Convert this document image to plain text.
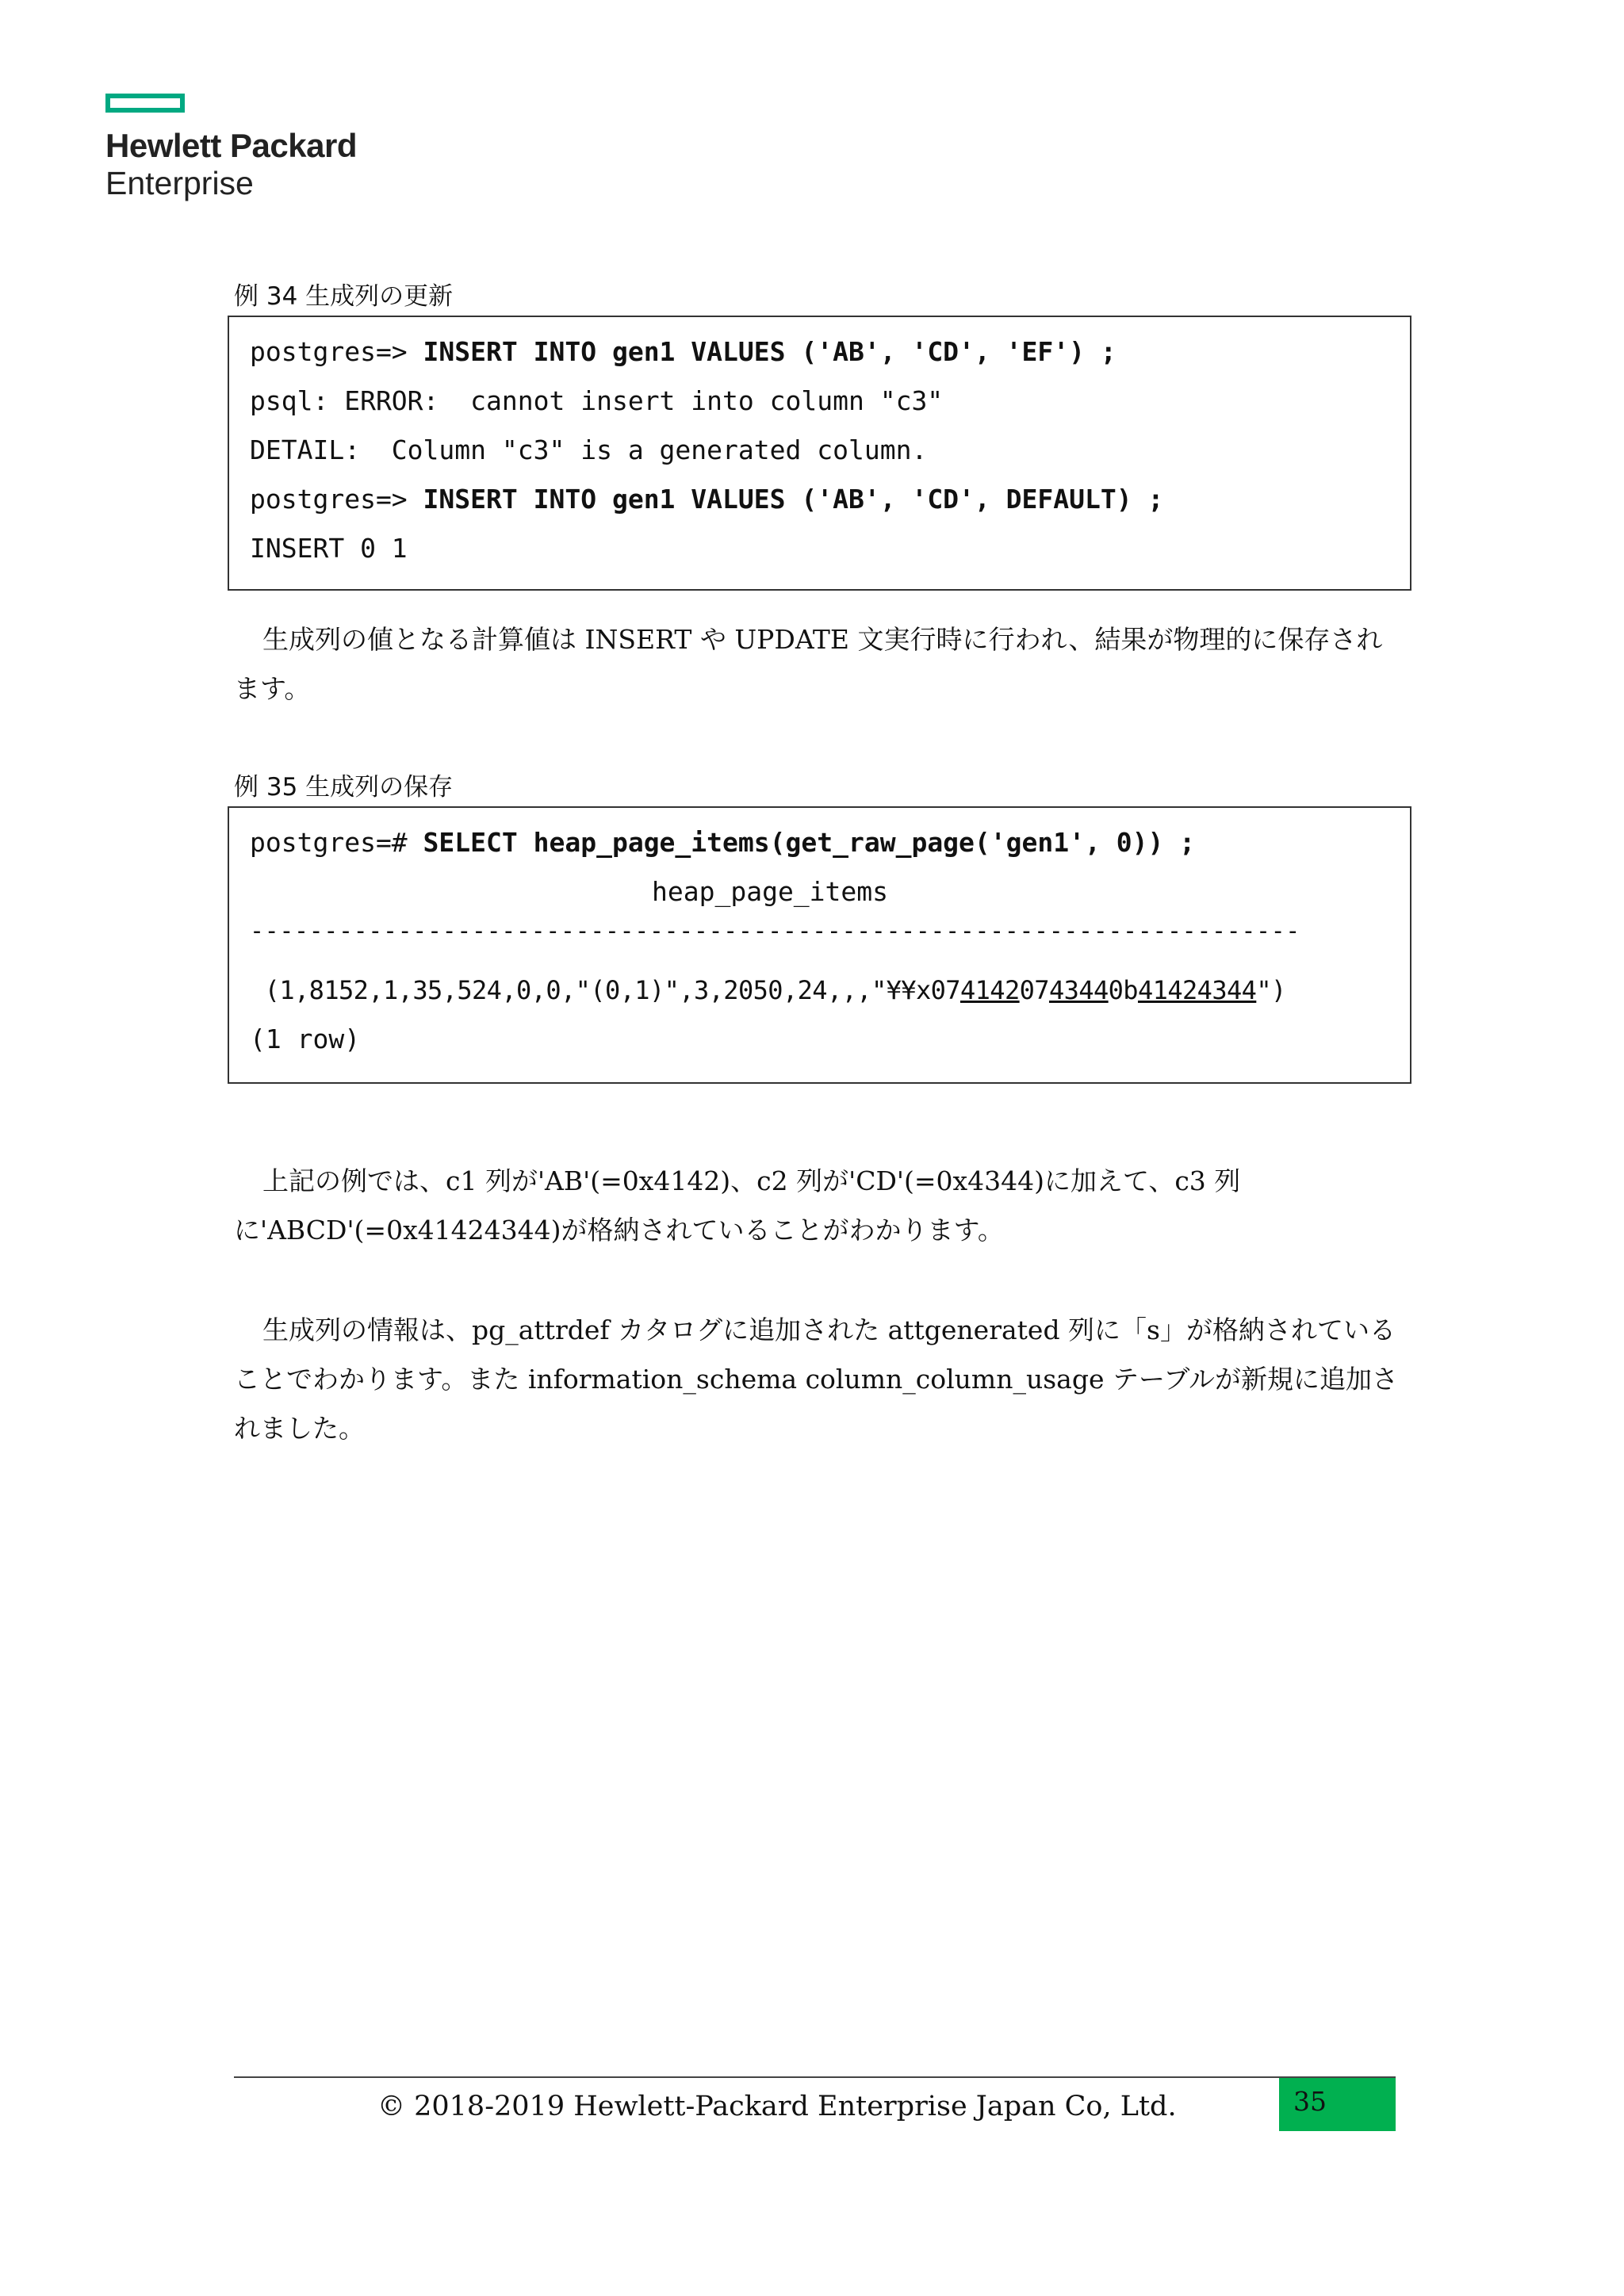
Hewlett Packard
Enterprise
例 34 生成列の更新
postgres=> INSERT INTO gen1 VALUES ('AB', 'CD', 'EF') ;
psql: ERROR:  cannot insert into column "c3"
DETAIL:  Column "c3" is a generated column.
postgres=> INSERT INTO gen1 VALUES ('AB', 'CD', DEFAULT) ;
INSERT 0 1
生成列の値となる計算値は INSERT や UPDATE 文実行時に行われ、結果が物理的に保存されます。
例 35 生成列の保存
postgres=# SELECT heap_page_items(get_raw_page('gen1', 0)) ;
heap_page_items
-----------------------------------------------------------------------
(1,8152,1,35,524,0,0,"(0,1)",3,2050,24,,,"¥¥x0741420743440b41424344")
(1 row)
上記の例では、c1 列が'AB'(=0x4142)、c2 列が'CD'(=0x4344)に加えて、c3 列に'ABCD'(=0x41424344)が格納されていることがわかります。
生成列の情報は、pg_attrdef カタログに追加された attgenerated 列に「s」が格納されていることでわかります。また information_schema column_column_usage テーブルが新規に追加されました。
© 2018-2019 Hewlett-Packard Enterprise Japan Co, Ltd.	35
